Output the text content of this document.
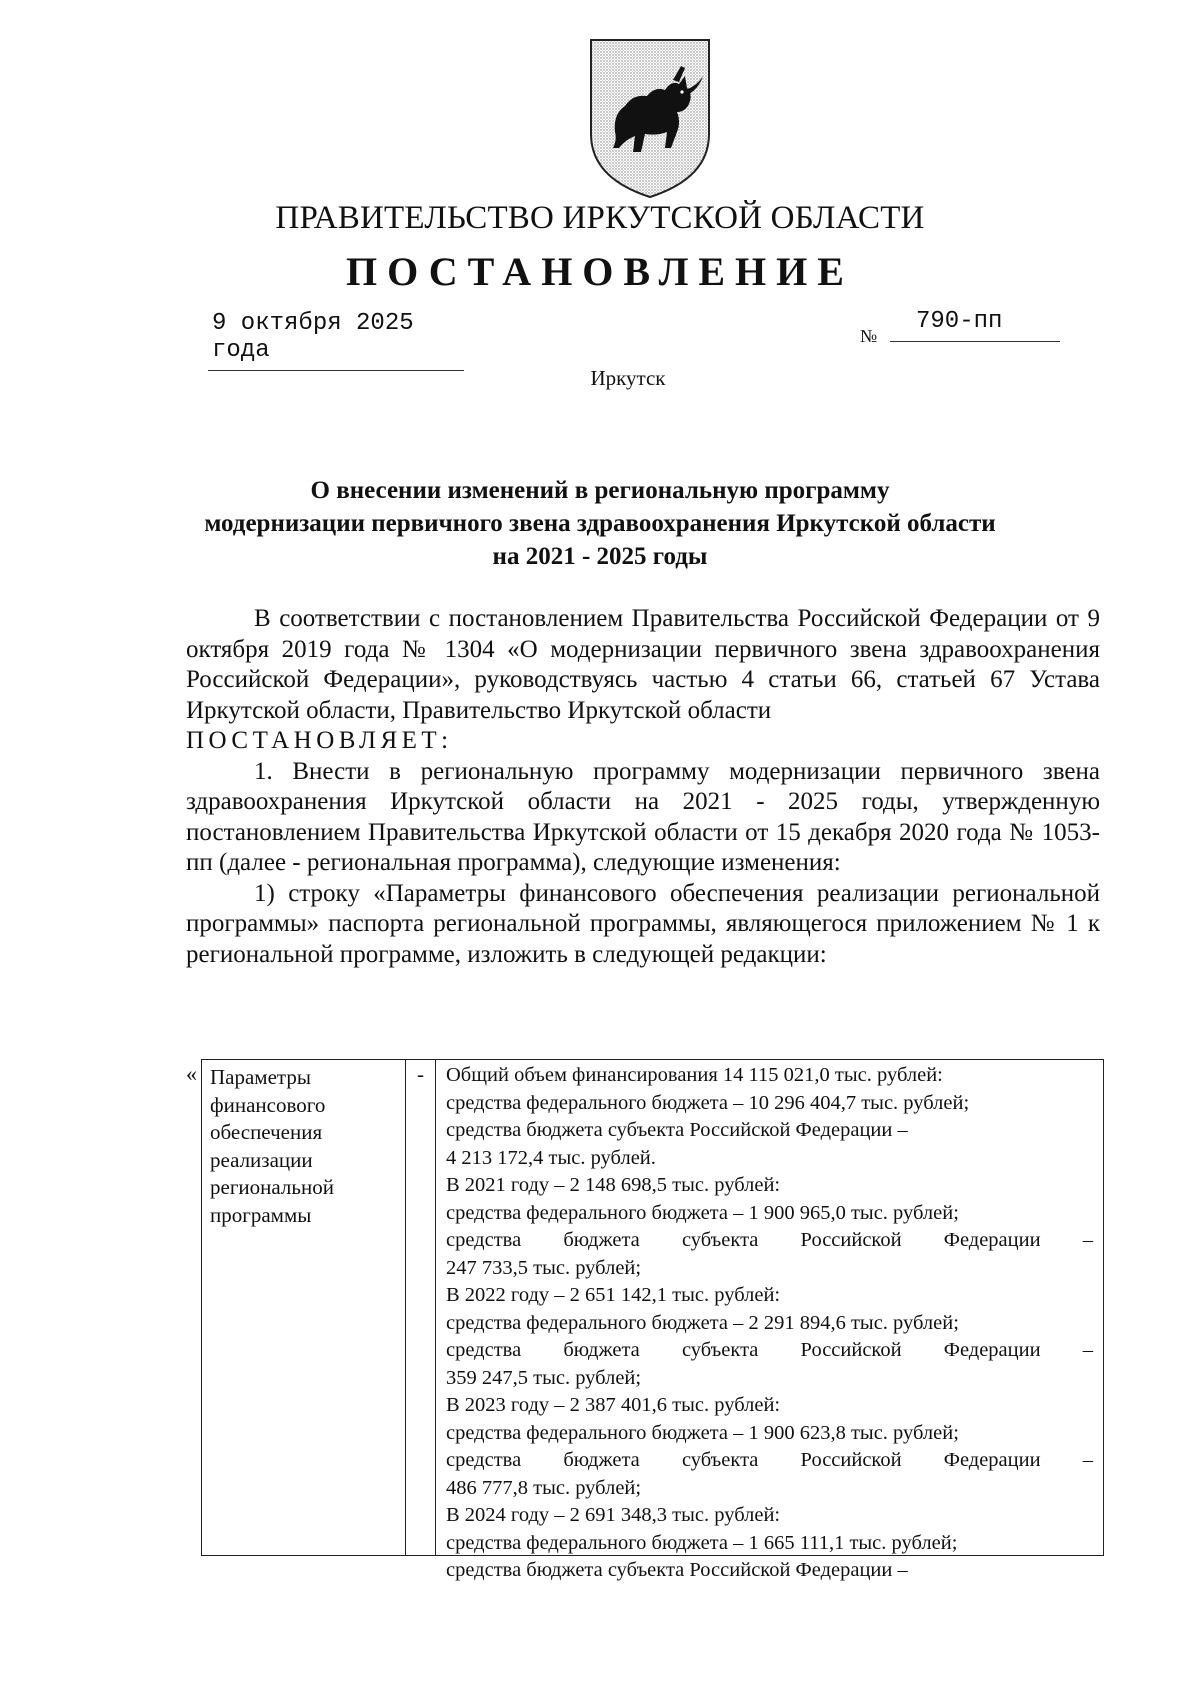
ПРАВИТЕЛЬСТВО ИРКУТСКОЙ ОБЛАСТИ
ПОСТАНОВЛЕНИЕ
9 октября 2025 года
№
790-пп
Иркутск
О внесении изменений в региональную программу
модернизации первичного звена здравоохранения Иркутской области
на 2021 - 2025 годы

В соответствии с постановлением Правительства Российской Федерации от 9 октября 2019 года № 1304 «О модернизации первичного звена здравоохранения Российской Федерации», руководствуясь частью 4 статьи 66, статьей 67 Устава Иркутской области, Правительство Иркутской области

ПОСТАНОВЛЯЕТ:

1. Внести в региональную программу модернизации первичного звена здравоохранения Иркутской области на 2021 - 2025 годы, утвержденную постановлением Правительства Иркутской области от 15 декабря 2020 года № 1053-пп (далее - региональная программа), следующие изменения:

1) строку «Параметры финансового обеспечения реализации региональной программы» паспорта региональной программы, являющегося приложением № 1 к региональной программе, изложить в следующей редакции:

« Параметры
финансового
обеспечения
реализации
региональной
программы
-	Общий объем финансирования 14 115 021,0 тыс. рублей:
средства федерального бюджета – 10 296 404,7 тыс. рублей;
средства бюджета субъекта Российской Федерации –
4 213 172,4 тыс. рублей.
В 2021 году – 2 148 698,5 тыс. рублей:
средства федерального бюджета – 1 900 965,0 тыс. рублей;
средства бюджета субъекта Российской Федерации –
247 733,5 тыс. рублей;
В 2022 году – 2 651 142,1 тыс. рублей:
средства федерального бюджета – 2 291 894,6 тыс. рублей;
средства бюджета субъекта Российской Федерации –
359 247,5 тыс. рублей;
В 2023 году – 2 387 401,6 тыс. рублей:
средства федерального бюджета – 1 900 623,8 тыс. рублей;
средства бюджета субъекта Российской Федерации –
486 777,8 тыс. рублей;
В 2024 году – 2 691 348,3 тыс. рублей:
средства федерального бюджета – 1 665 111,1 тыс. рублей;
средства бюджета субъекта Российской Федерации –
